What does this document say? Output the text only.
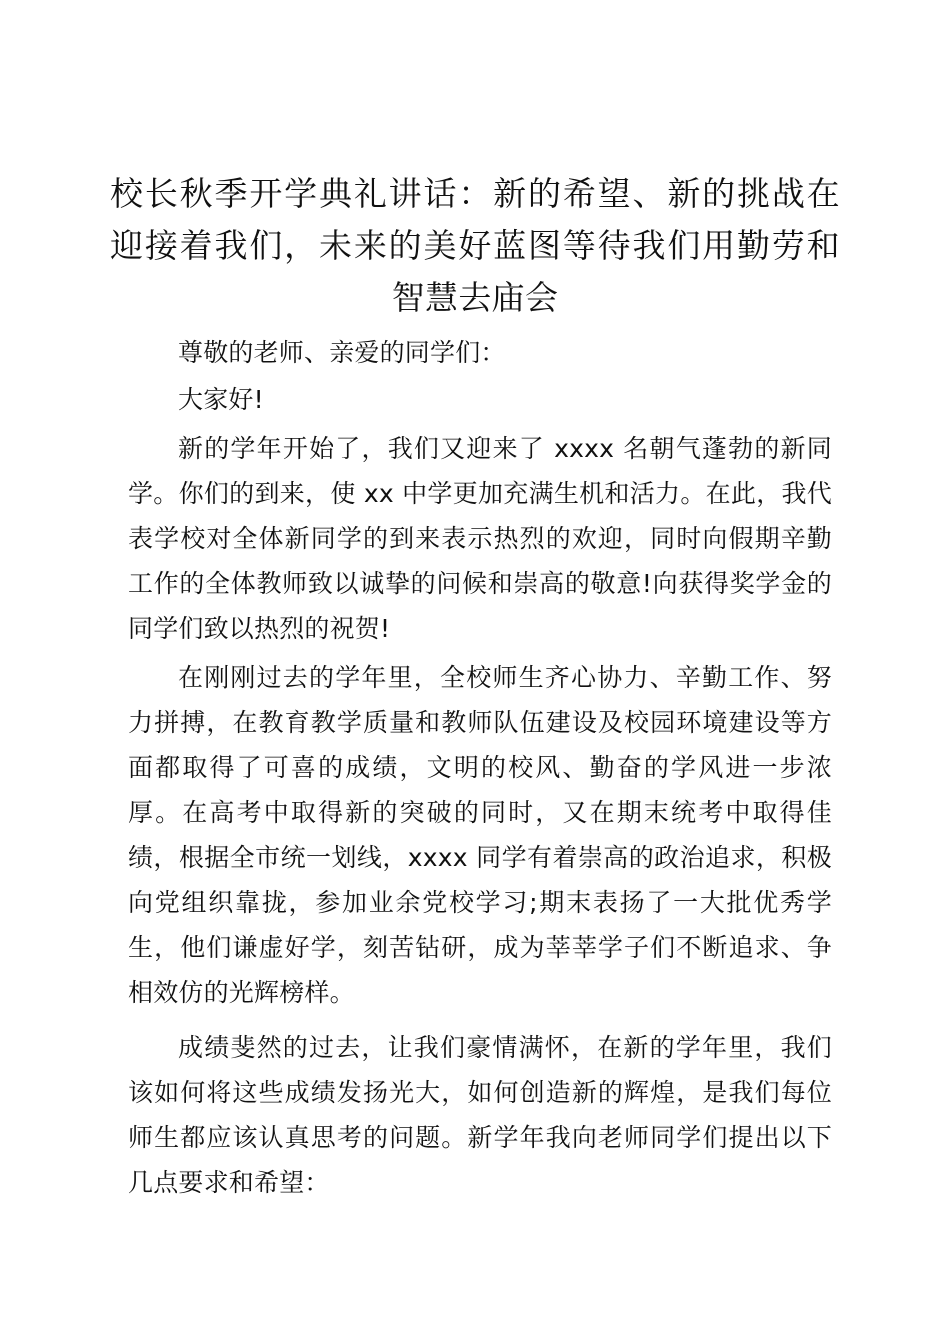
校长秋季开学典礼讲话：新的希望、新的挑战在迎接着我们，未来的美好蓝图等待我们用勤劳和智慧去庙会

尊敬的老师、亲爱的同学们：

大家好!

新的学年开始了，我们又迎来了 xxxx 名朝气蓬勃的新同学。你们的到来，使 xx 中学更加充满生机和活力。在此，我代表学校对全体新同学的到来表示热烈的欢迎，同时向假期辛勤工作的全体教师致以诚挚的问候和崇高的敬意!向获得奖学金的同学们致以热烈的祝贺!

在刚刚过去的学年里，全校师生齐心协力、辛勤工作、努力拼搏，在教育教学质量和教师队伍建设及校园环境建设等方面都取得了可喜的成绩，文明的校风、勤奋的学风进一步浓厚。在高考中取得新的突破的同时，又在期末统考中取得佳绩，根据全市统一划线，xxxx 同学有着崇高的政治追求，积极向党组织靠拢，参加业余党校学习;期末表扬了一大批优秀学生，他们谦虚好学，刻苦钻研，成为莘莘学子们不断追求、争相效仿的光辉榜样。

成绩斐然的过去，让我们豪情满怀，在新的学年里，我们该如何将这些成绩发扬光大，如何创造新的辉煌，是我们每位师生都应该认真思考的问题。新学年我向老师同学们提出以下几点要求和希望：
